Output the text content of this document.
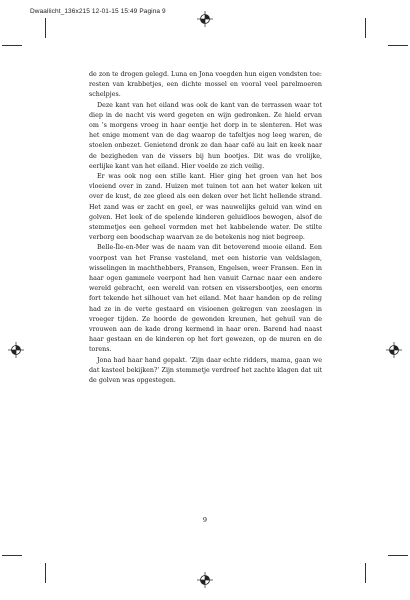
Dwaallicht_136x215 12-01-15 15:49 Pagina 9

de zon te drogen gelegd. Luna en Jona voegden hun eigen vondsten toe: resten van krabbetjes, een dichte mossel en vooral veel parelmoeren schelpjes.

Deze kant van het eiland was ook de kant van de terrassen waar tot diep in de nacht vis werd gegeten en wijn gedronken. Ze hield ervan om ’s morgens vroeg in haar eentje het dorp in te slenteren. Het was het enige moment van de dag waarop de tafeltjes nog leeg waren, de stoelen onbezet. Genietend dronk ze dan haar café au lait en keek naar de bezigheden van de vissers bij hun bootjes. Dit was de vrolijke, eerlijke kant van het eiland. Hier voelde ze zich veilig.

Er was ook nog een stille kant. Hier ging het groen van het bos vloeiend over in zand. Huizen met tuinen tot aan het water keken uit over de kust, de zee gleed als een deken over het licht hellende strand. Het zand was er zacht en geel, er was nauwelijks geluid van wind en golven. Het leek of de spelende kinderen geluidloos bewogen, alsof de stemmetjes een geheel vormden met het kabbelende water. De stilte verborg een boodschap waarvan ze de betekenis nog niet begreep.

Belle-Île-en-Mer was de naam van dit betoverend mooie eiland. Een voorpost van het Franse vasteland, met een historie van veldslagen, wisselingen in machthebbers, Fransen, Engelsen, weer Fransen. Een in haar ogen gammele veerpont had hen vanuit Carnac naar een andere wereld gebracht, een wereld van rotsen en vissersbootjes, een enorm fort tekende het silhouet van het eiland. Met haar handen op de reling had ze in de verte gestaard en visioenen gekregen van zeeslagen in vroeger tijden. Ze hoorde de gewonden kreunen, het gehuil van de vrouwen aan de kade drong kermend in haar oren. Barend had naast haar gestaan en de kinderen op het fort gewezen, op de muren en de torens.

Jona had haar hand gepakt. ‘Zijn daar echte ridders, mama, gaan we dat kasteel bekijken?’ Zijn stemmetje verdreef het zachte klagen dat uit de golven was opgestegen.

9
